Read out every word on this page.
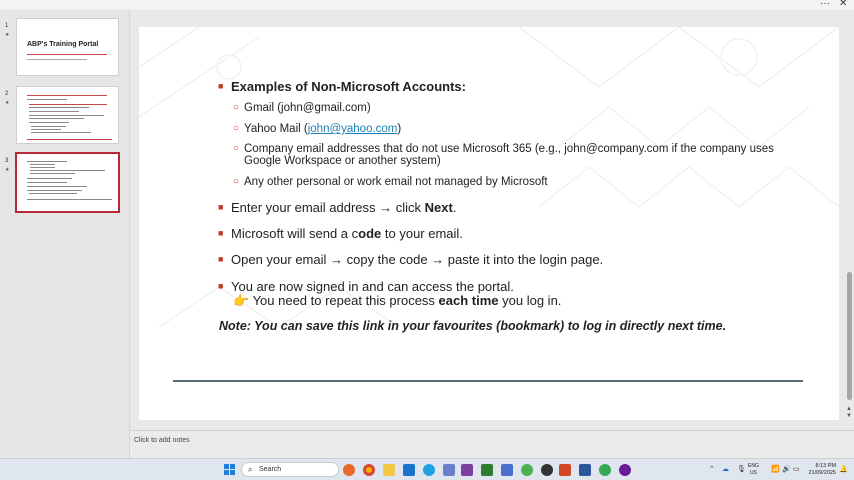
··· ✕
1
★
ABP's Training Portal
2
★
3
★
■ Examples of Non-Microsoft Accounts:
○ Gmail (john@gmail.com)
○ Yahoo Mail (john@yahoo.com)
○ Company email addresses that do not use Microsoft 365 (e.g., john@company.com if the company uses Google Workspace or another system)
○ Any other personal or work email not managed by Microsoft
■ Enter your email address → click Next.
■ Microsoft will send a code to your email.
■ Open your email → copy the code → paste it into the login page.
■ You are now signed in and can access the portal.
👉 You need to repeat this process each time you log in.
Note: You can save this link in your favourites (bookmark) to log in directly next time.
▲
▼
Click to add notes
⌕ Search	⌃ ☁ 🎙 ENG
US 📶 🔊 ▭	8:13 PM
21/09/2025 🔔
